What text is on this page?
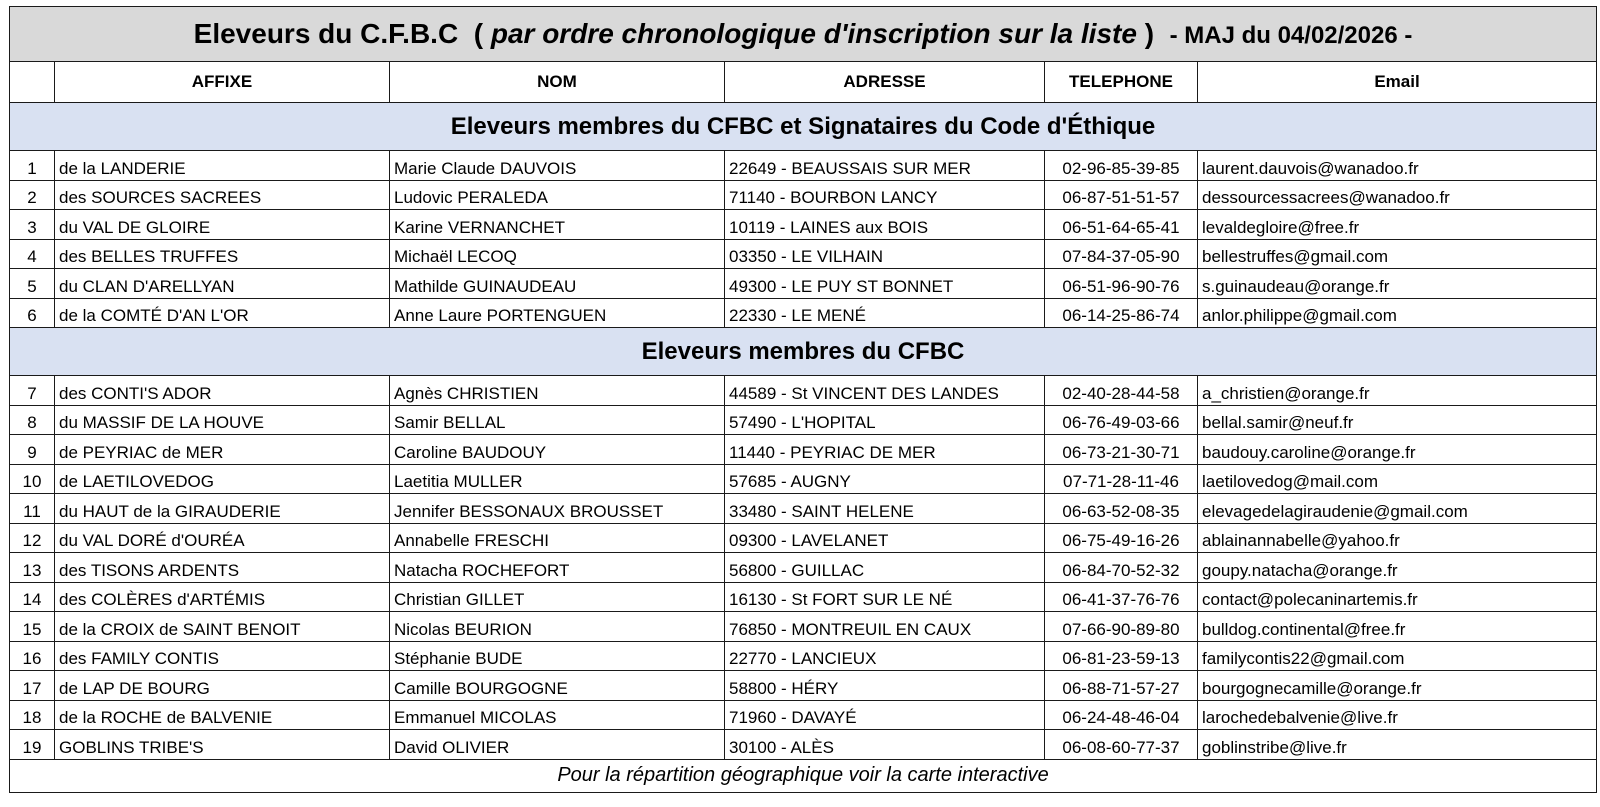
Eleveurs du C.F.B.C ( par ordre chronologique d'inscription sur la liste ) - MAJ du 04/02/2026 -					
	AFFIXE	NOM	ADRESSE	TELEPHONE	Email
Eleveurs membres du CFBC et Signataires du Code d'Éthique					
1	de la LANDERIE	Marie Claude DAUVOIS	22649 - BEAUSSAIS SUR MER	02-96-85-39-85	laurent.dauvois@wanadoo.fr
2	des SOURCES SACREES	Ludovic PERALEDA	71140 - BOURBON LANCY	06-87-51-51-57	dessourcessacrees@wanadoo.fr
3	du VAL DE GLOIRE	Karine VERNANCHET	10119 - LAINES aux BOIS	06-51-64-65-41	levaldegloire@free.fr
4	des BELLES TRUFFES	Michaël LECOQ	03350 - LE VILHAIN	07-84-37-05-90	bellestruffes@gmail.com
5	du CLAN D'ARELLYAN	Mathilde GUINAUDEAU	49300 - LE PUY ST BONNET	06-51-96-90-76	s.guinaudeau@orange.fr
6	de la COMTÉ D'AN L'OR	Anne Laure PORTENGUEN	22330 - LE MENÉ	06-14-25-86-74	anlor.philippe@gmail.com
Eleveurs membres du CFBC					
7	des CONTI'S ADOR	Agnès CHRISTIEN	44589 - St VINCENT DES LANDES	02-40-28-44-58	a_christien@orange.fr
8	du MASSIF DE LA HOUVE	Samir BELLAL	57490 - L'HOPITAL	06-76-49-03-66	bellal.samir@neuf.fr
9	de PEYRIAC de MER	Caroline BAUDOUY	11440 - PEYRIAC DE MER	06-73-21-30-71	baudouy.caroline@orange.fr
10	de LAETILOVEDOG	Laetitia MULLER	57685 - AUGNY	07-71-28-11-46	laetilovedog@mail.com
11	du HAUT de la GIRAUDERIE	Jennifer BESSONAUX BROUSSET	33480 - SAINT HELENE	06-63-52-08-35	elevagedelagiraudenie@gmail.com
12	du VAL DORÉ d'OURÉA	Annabelle FRESCHI	09300 - LAVELANET	06-75-49-16-26	ablainannabelle@yahoo.fr
13	des TISONS ARDENTS	Natacha ROCHEFORT	56800 - GUILLAC	06-84-70-52-32	goupy.natacha@orange.fr
14	des COLÈRES d'ARTÉMIS	Christian GILLET	16130 - St FORT SUR LE NÉ	06-41-37-76-76	contact@polecaninartemis.fr
15	de la CROIX de SAINT BENOIT	Nicolas BEURION	76850 - MONTREUIL EN CAUX	07-66-90-89-80	bulldog.continental@free.fr
16	des FAMILY CONTIS	Stéphanie BUDE	22770 - LANCIEUX	06-81-23-59-13	familycontis22@gmail.com
17	de LAP DE BOURG	Camille BOURGOGNE	58800 - HÉRY	06-88-71-57-27	bourgognecamille@orange.fr
18	de la ROCHE de BALVENIE	Emmanuel MICOLAS	71960 - DAVAYÉ	06-24-48-46-04	larochedebalvenie@live.fr
19	GOBLINS TRIBE'S	David OLIVIER	30100 - ALÈS	06-08-60-77-37	goblinstribe@live.fr
Pour la répartition géographique voir la carte interactive					
